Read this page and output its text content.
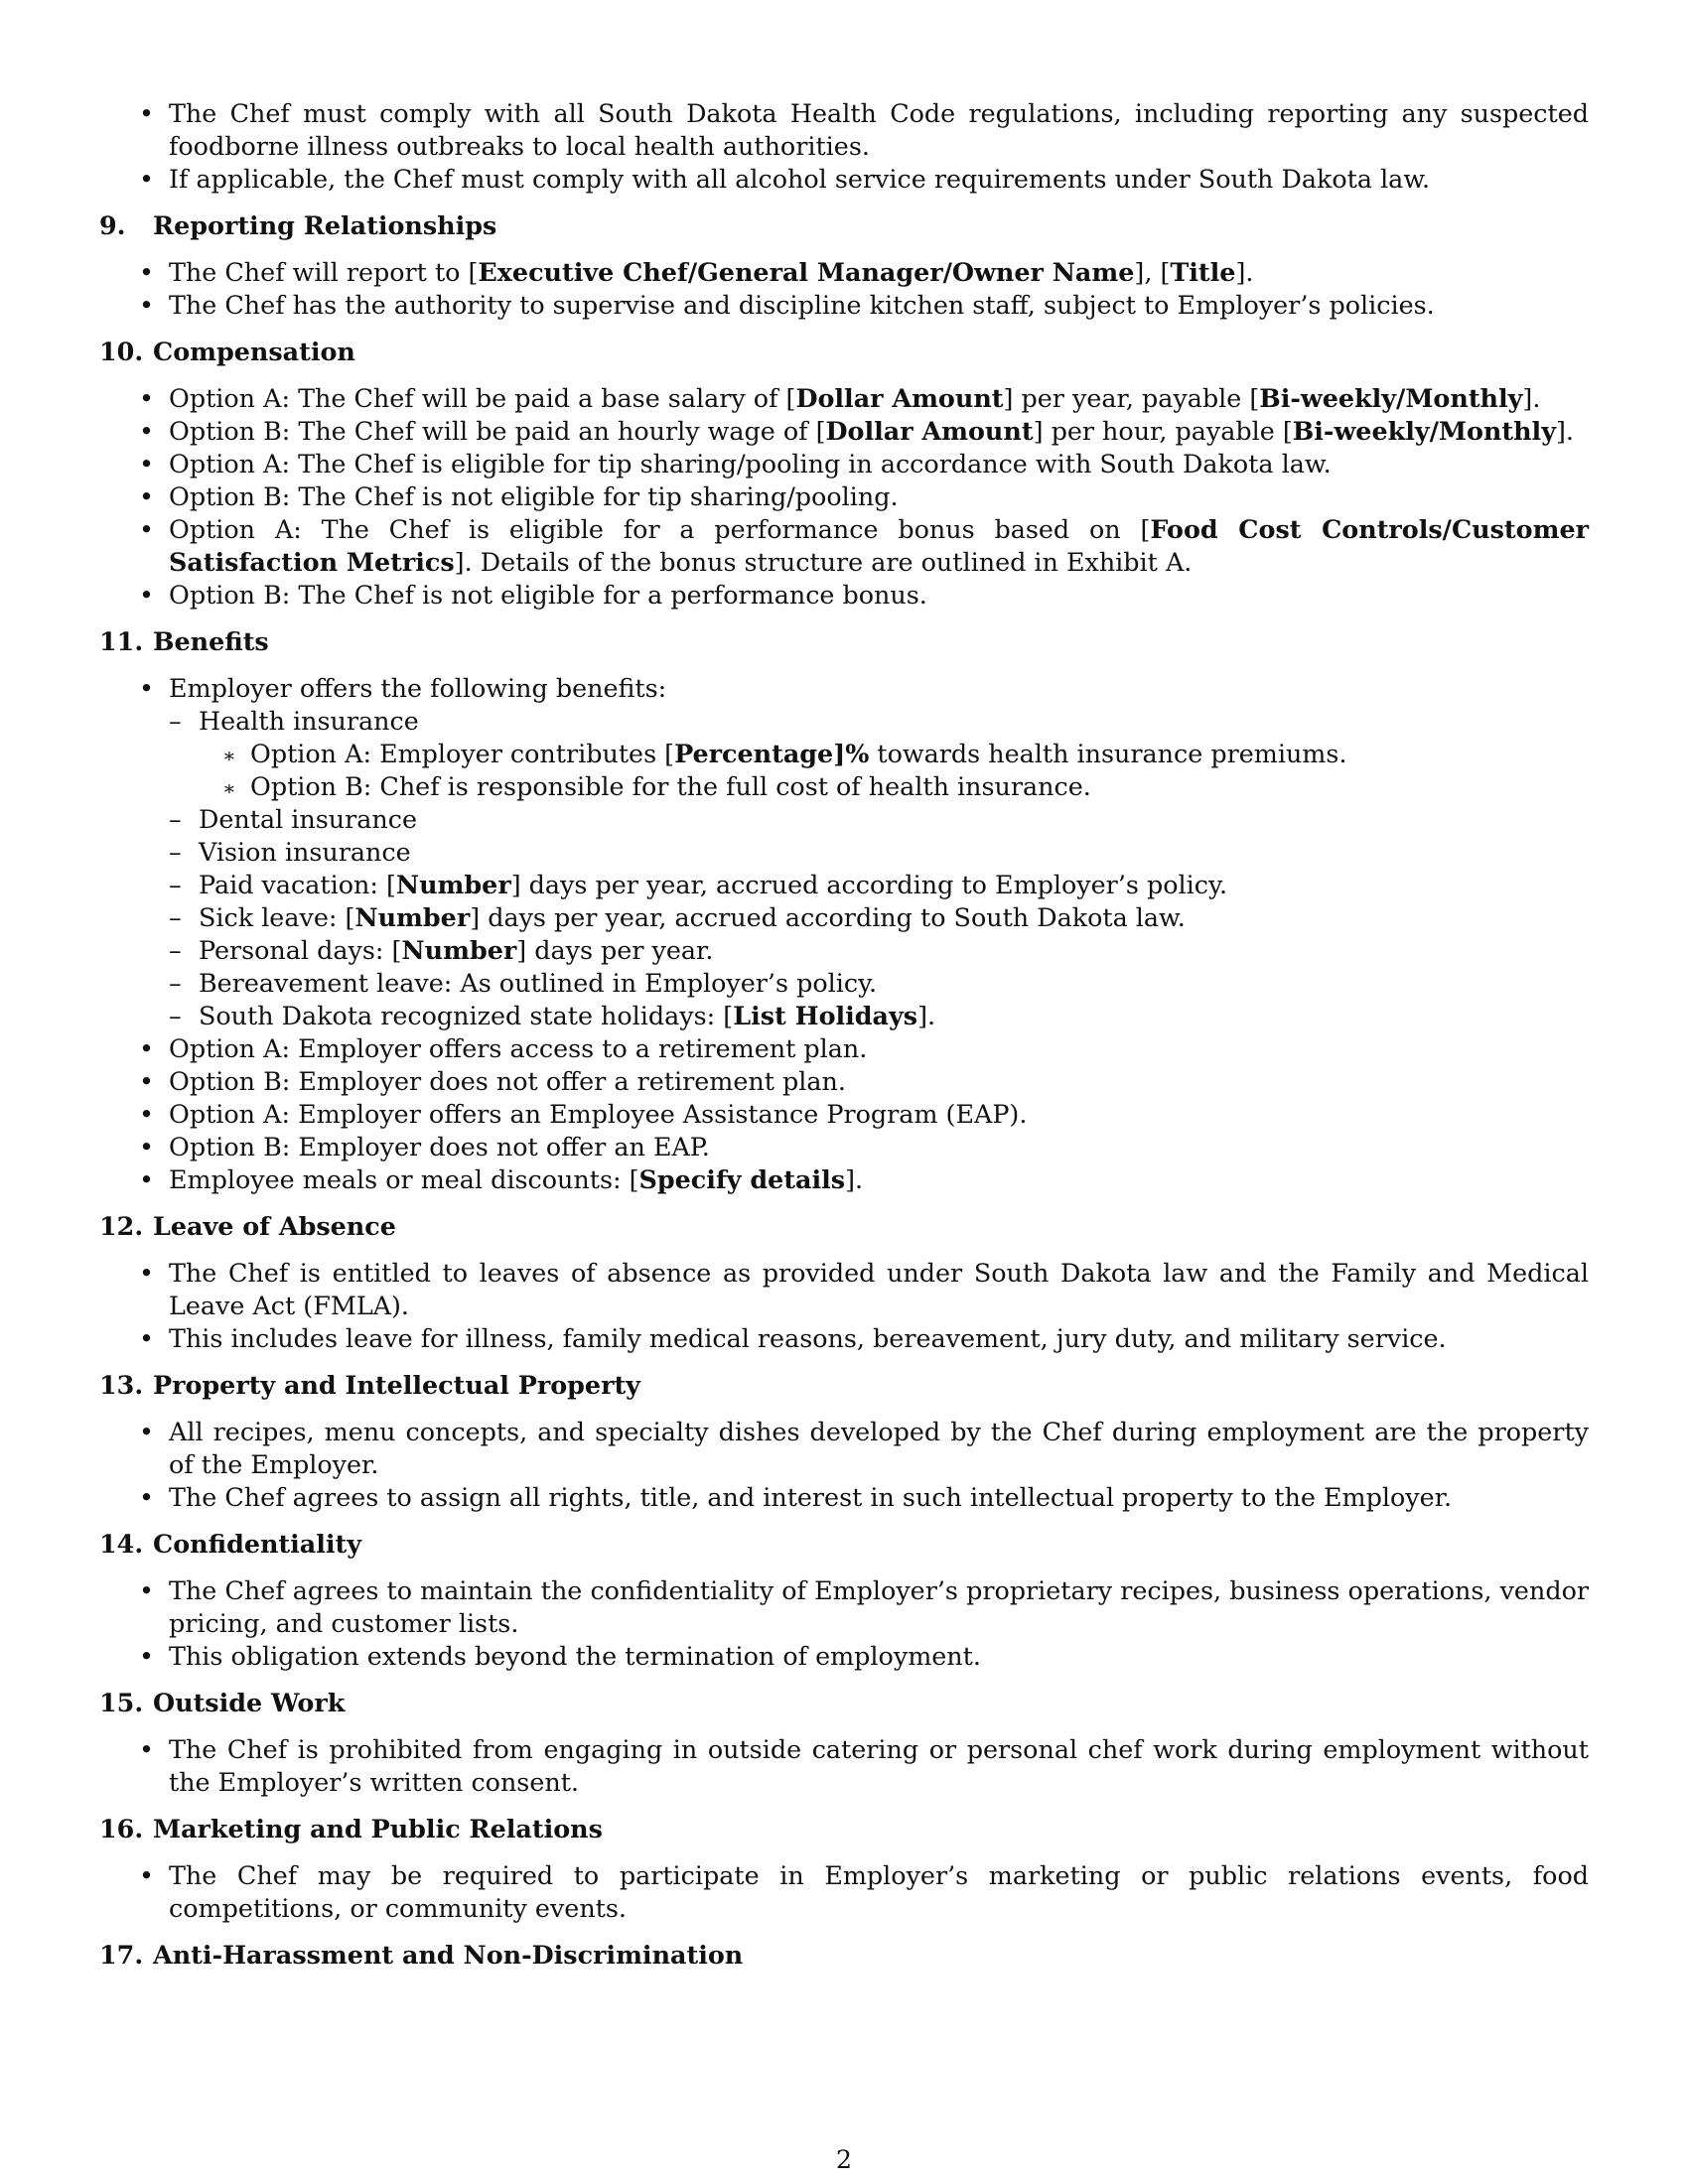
• The Chef must comply with all South Dakota Health Code regulations, including reporting any suspected foodborne illness outbreaks to local health authorities.
• If applicable, the Chef must comply with all alcohol service requirements under South Dakota law.
9.	Reporting Relationships
• The Chef will report to [Executive Chef/General Manager/Owner Name], [Title].
• The Chef has the authority to supervise and discipline kitchen staff, subject to Employer’s policies.
10. Compensation
• Option A: The Chef will be paid a base salary of [Dollar Amount] per year, payable [Bi-weekly/Monthly].
• Option B: The Chef will be paid an hourly wage of [Dollar Amount] per hour, payable [Bi-weekly/Monthly].
• Option A: The Chef is eligible for tip sharing/pooling in accordance with South Dakota law.
• Option B: The Chef is not eligible for tip sharing/pooling.
• Option A: The Chef is eligible for a performance bonus based on [Food Cost Controls/Customer Satisfaction Metrics]. Details of the bonus structure are outlined in Exhibit A.
• Option B: The Chef is not eligible for a performance bonus.
11. Benefits
• Employer offers the following benefits:
– Health insurance
∗ Option A: Employer contributes [Percentage]% towards health insurance premiums.
∗ Option B: Chef is responsible for the full cost of health insurance.
– Dental insurance
– Vision insurance
– Paid vacation: [Number] days per year, accrued according to Employer’s policy.
– Sick leave: [Number] days per year, accrued according to South Dakota law.
– Personal days: [Number] days per year.
– Bereavement leave: As outlined in Employer’s policy.
– South Dakota recognized state holidays: [List Holidays].
• Option A: Employer offers access to a retirement plan.
• Option B: Employer does not offer a retirement plan.
• Option A: Employer offers an Employee Assistance Program (EAP).
• Option B: Employer does not offer an EAP.
• Employee meals or meal discounts: [Specify details].
12. Leave of Absence
• The Chef is entitled to leaves of absence as provided under South Dakota law and the Family and Medical Leave Act (FMLA).
• This includes leave for illness, family medical reasons, bereavement, jury duty, and military service.
13. Property and Intellectual Property
• All recipes, menu concepts, and specialty dishes developed by the Chef during employment are the property of the Employer.
• The Chef agrees to assign all rights, title, and interest in such intellectual property to the Employer.
14. Confidentiality
• The Chef agrees to maintain the confidentiality of Employer’s proprietary recipes, business operations, vendor pricing, and customer lists.
• This obligation extends beyond the termination of employment.
15. Outside Work
• The Chef is prohibited from engaging in outside catering or personal chef work during employment without the Employer’s written consent.
16. Marketing and Public Relations
• The Chef may be required to participate in Employer’s marketing or public relations events, food competitions, or community events.
17. Anti-Harassment and Non-Discrimination
2
